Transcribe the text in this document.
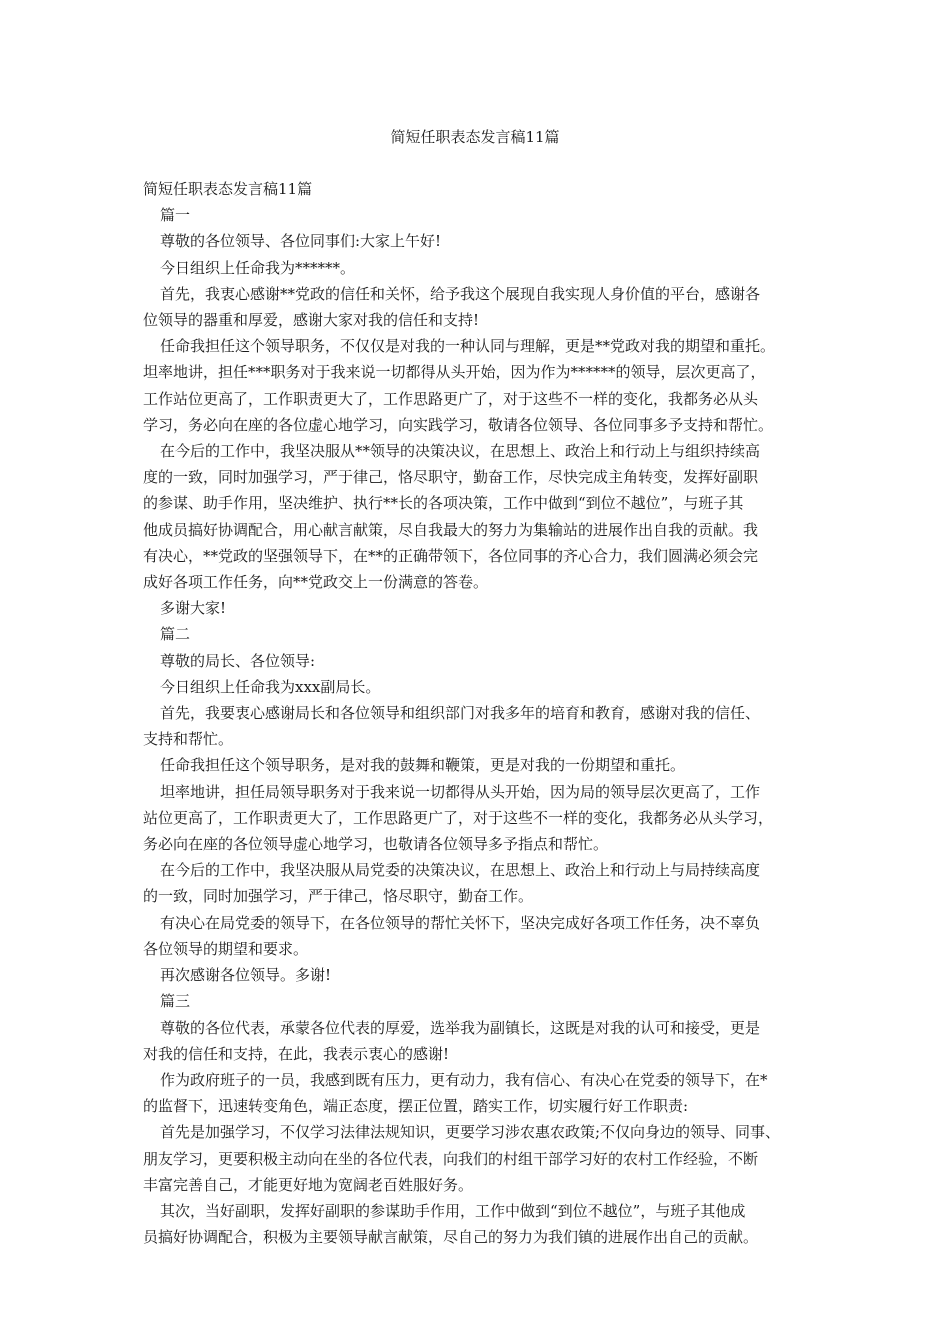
简短任职表态发言稿11篇

简短任职表态发言稿11篇

篇一

尊敬的各位领导、各位同事们:大家上午好!

今日组织上任命我为******。

首先，我衷心感谢**党政的信任和关怀，给予我这个展现自我实现人身价值的平台，感谢各
位领导的器重和厚爱，感谢大家对我的信任和支持!

任命我担任这个领导职务，不仅仅是对我的一种认同与理解，更是**党政对我的期望和重托。
坦率地讲，担任***职务对于我来说一切都得从头开始，因为作为******的领导，层次更高了，
工作站位更高了，工作职责更大了，工作思路更广了，对于这些不一样的变化，我都务必从头
学习，务必向在座的各位虚心地学习，向实践学习，敬请各位领导、各位同事多予支持和帮忙。

在今后的工作中，我坚决服从**领导的决策决议，在思想上、政治上和行动上与组织持续高
度的一致，同时加强学习，严于律己，恪尽职守，勤奋工作，尽快完成主角转变，发挥好副职
的参谋、助手作用，坚决维护、执行**长的各项决策，工作中做到“到位不越位”，与班子其
他成员搞好协调配合，用心献言献策，尽自我最大的努力为集输站的进展作出自我的贡献。我
有决心，**党政的坚强领导下，在**的正确带领下，各位同事的齐心合力，我们圆满必须会完
成好各项工作任务，向**党政交上一份满意的答卷。

多谢大家!

篇二

尊敬的局长、各位领导:

今日组织上任命我为xxx副局长。

首先，我要衷心感谢局长和各位领导和组织部门对我多年的培育和教育，感谢对我的信任、
支持和帮忙。

任命我担任这个领导职务，是对我的鼓舞和鞭策，更是对我的一份期望和重托。

坦率地讲，担任局领导职务对于我来说一切都得从头开始，因为局的领导层次更高了，工作
站位更高了，工作职责更大了，工作思路更广了，对于这些不一样的变化，我都务必从头学习，
务必向在座的各位领导虚心地学习，也敬请各位领导多予指点和帮忙。

在今后的工作中，我坚决服从局党委的决策决议，在思想上、政治上和行动上与局持续高度
的一致，同时加强学习，严于律己，恪尽职守，勤奋工作。

有决心在局党委的领导下，在各位领导的帮忙关怀下，坚决完成好各项工作任务，决不辜负
各位领导的期望和要求。

再次感谢各位领导。多谢!

篇三

尊敬的各位代表，承蒙各位代表的厚爱，选举我为副镇长，这既是对我的认可和接受，更是
对我的信任和支持，在此，我表示衷心的感谢!

作为政府班子的一员，我感到既有压力，更有动力，我有信心、有决心在党委的领导下，在*
的监督下，迅速转变角色，端正态度，摆正位置，踏实工作，切实履行好工作职责:

首先是加强学习，不仅学习法律法规知识，更要学习涉农惠农政策;不仅向身边的领导、同事、
朋友学习，更要积极主动向在坐的各位代表，向我们的村组干部学习好的农村工作经验，不断
丰富完善自己，才能更好地为宽阔老百姓服好务。

其次，当好副职，发挥好副职的参谋助手作用，工作中做到“到位不越位”，与班子其他成
员搞好协调配合，积极为主要领导献言献策，尽自己的努力为我们镇的进展作出自己的贡献。
